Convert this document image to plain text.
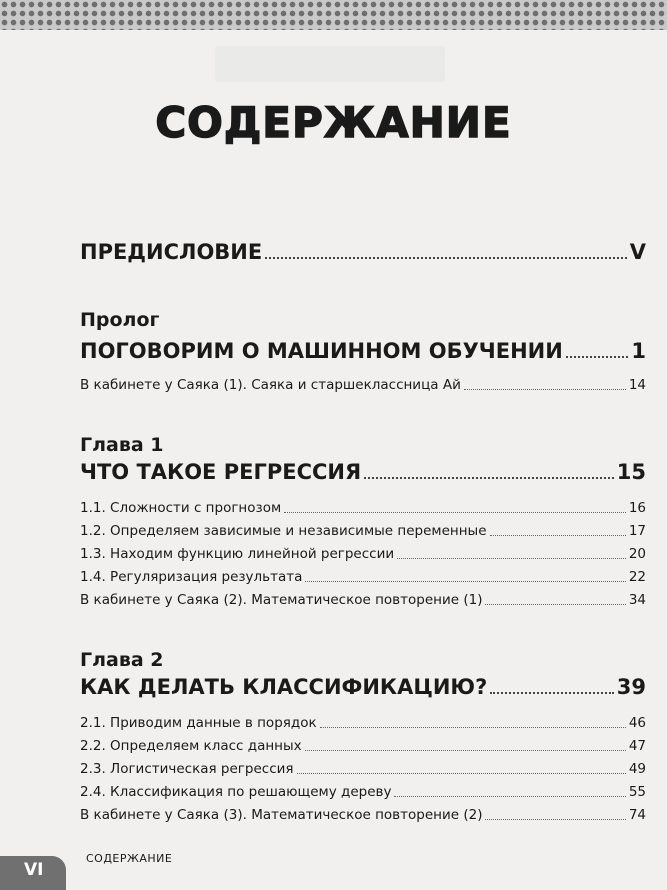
СОДЕРЖАНИЕ
ПРЕДИСЛОВИЕ	V
Пролог
ПОГОВОРИМ О МАШИННОМ ОБУЧЕНИИ	1
В кабинете у Саяка (1). Саяка и старшеклассница Ай	14
Глава 1
ЧТО ТАКОЕ РЕГРЕССИЯ	15
1.1. Сложности с прогнозом	16
1.2. Определяем зависимые и независимые переменные	17
1.3. Находим функцию линейной регрессии	20
1.4. Регуляризация результата	22
В кабинете у Саяка (2). Математическое повторение (1)	34
Глава 2
КАК ДЕЛАТЬ КЛАССИФИКАЦИЮ?	39
2.1. Приводим данные в порядок	46
2.2. Определяем класс данных	47
2.3. Логистическая регрессия	49
2.4. Классификация по решающему дереву	55
В кабинете у Саяка (3). Математическое повторение (2)	74
VI
СОДЕРЖАНИЕ
